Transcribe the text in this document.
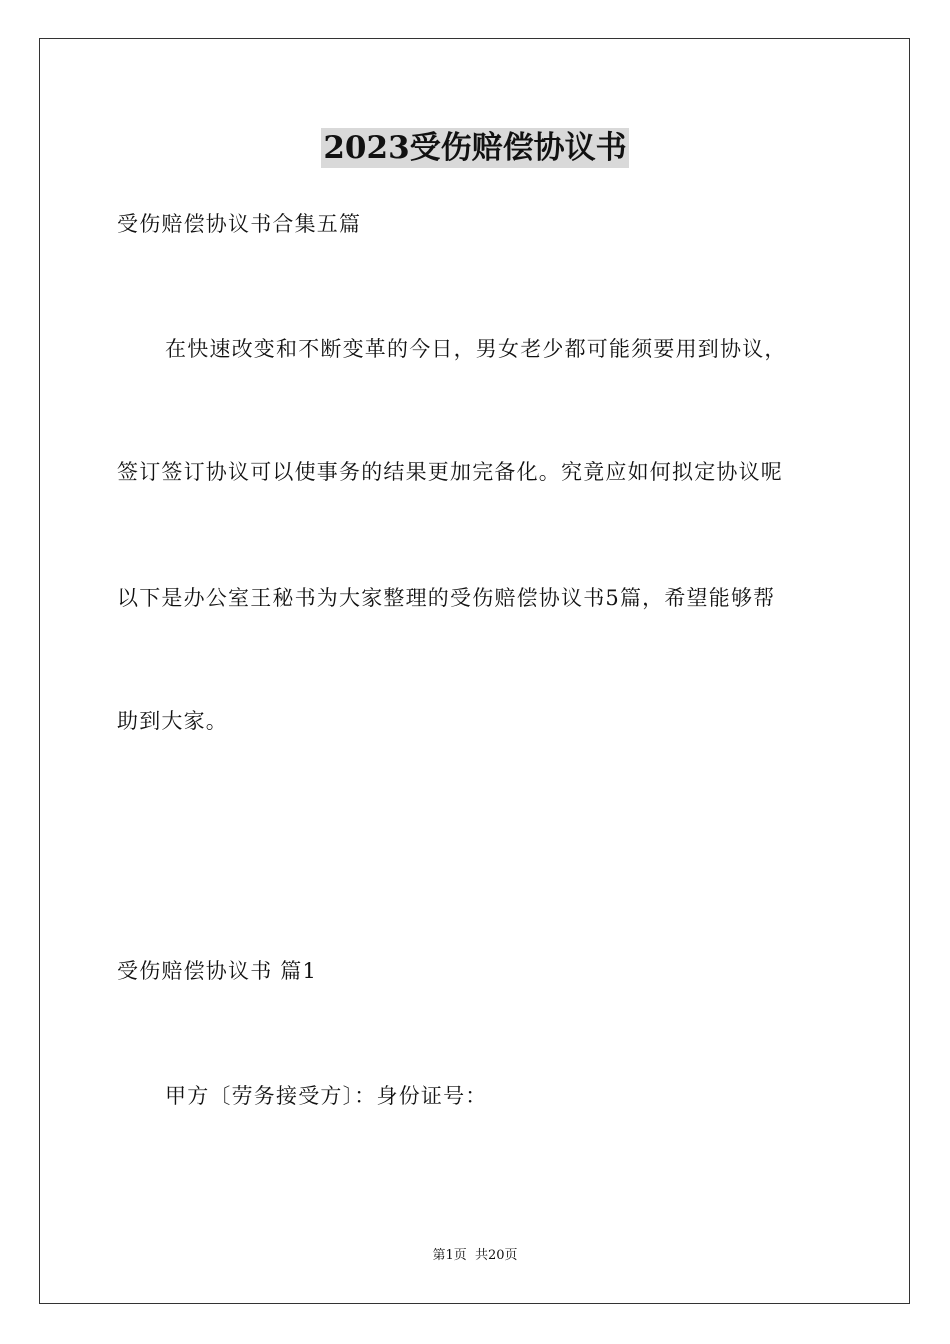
2023受伤赔偿协议书
受伤赔偿协议书合集五篇
在快速改变和不断变革的今日，男女老少都可能须要用到协议，
签订签订协议可以使事务的结果更加完备化。究竟应如何拟定协议呢
以下是办公室王秘书为大家整理的受伤赔偿协议书5篇，希望能够帮
助到大家。
受伤赔偿协议书 篇1
甲方〔劳务接受方〕：身份证号：
第1页 共20页
